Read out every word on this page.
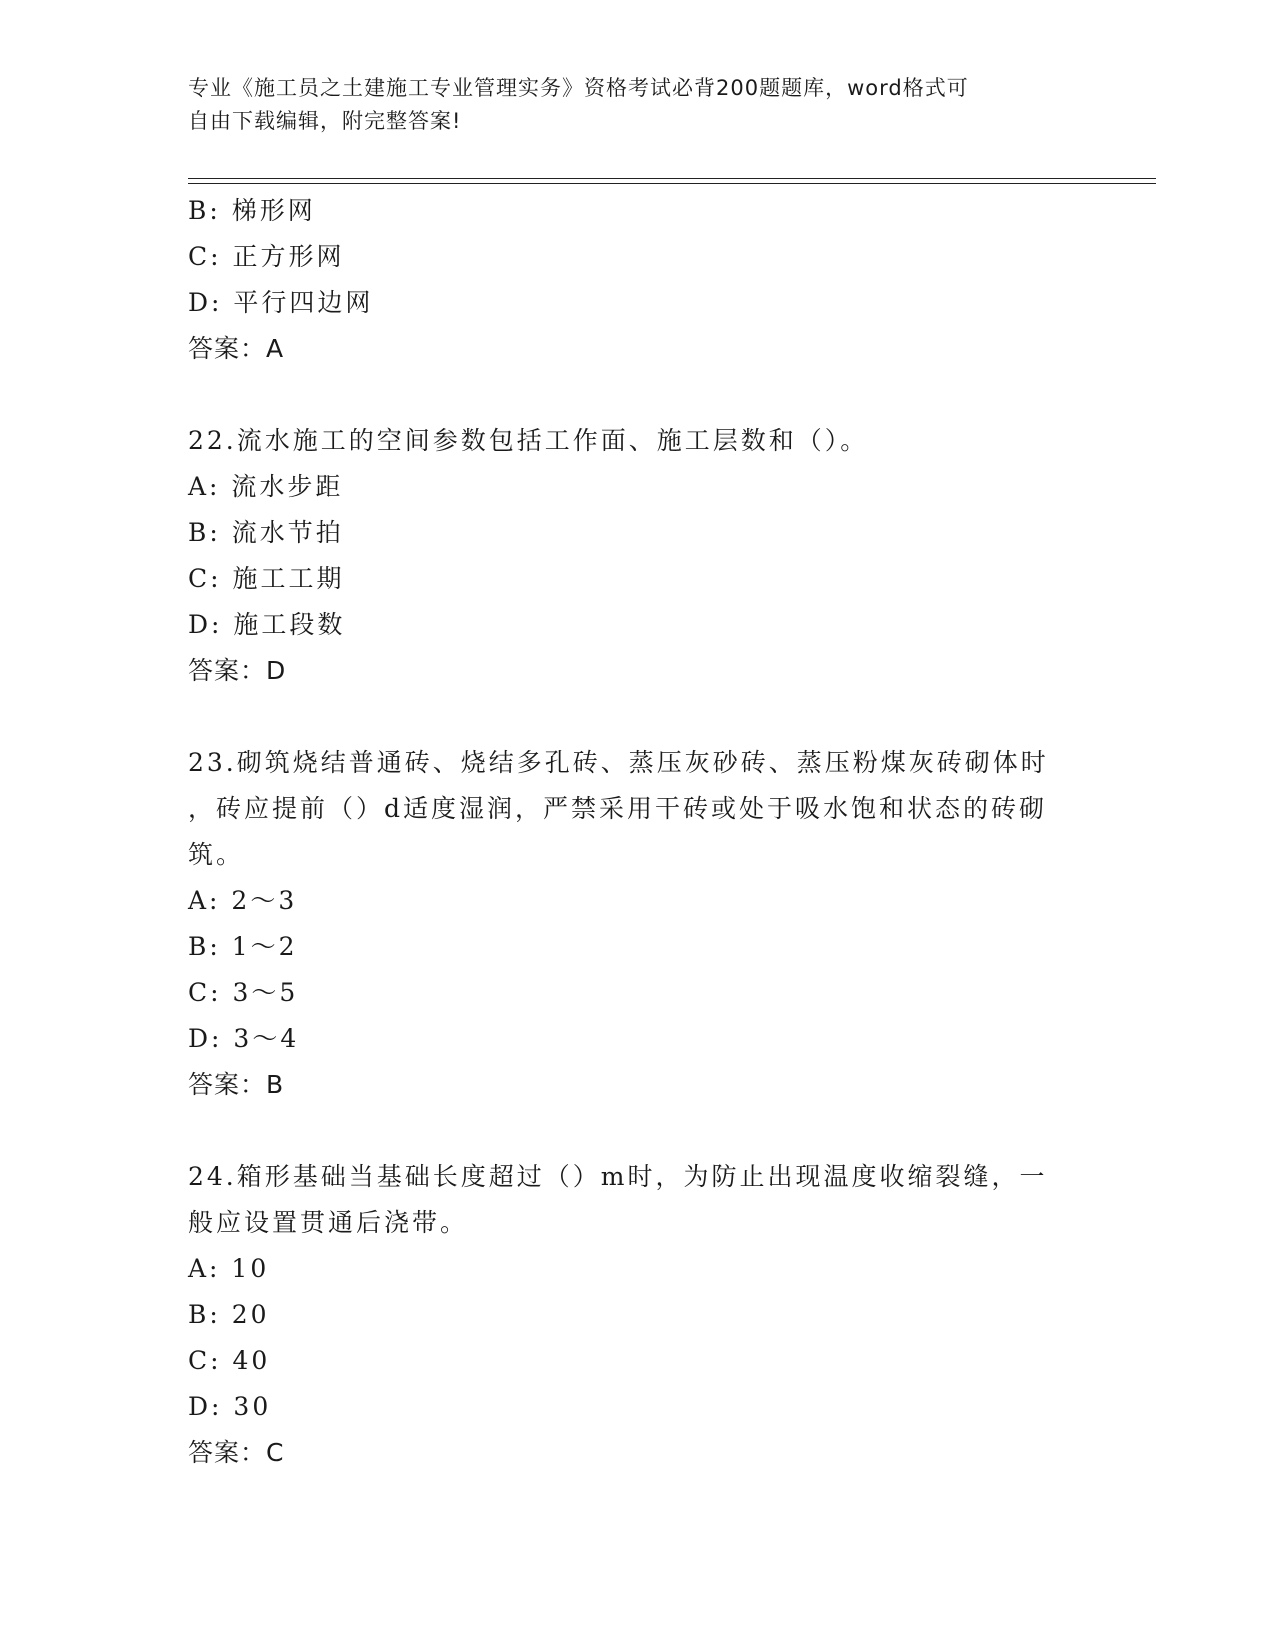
专业《施工员之土建施工专业管理实务》资格考试必背200题题库，word格式可
自由下载编辑，附完整答案!
B: 梯形网
C: 正方形网
D: 平行四边网
答案：A
22.流水施工的空间参数包括工作面、施工层数和（）。
A: 流水步距
B: 流水节拍
C: 施工工期
D: 施工段数
答案：D
23.砌筑烧结普通砖、烧结多孔砖、蒸压灰砂砖、蒸压粉煤灰砖砌体时
，砖应提前（）d适度湿润，严禁采用干砖或处于吸水饱和状态的砖砌
筑。
A: 2～3
B: 1～2
C: 3～5
D: 3～4
答案：B
24.箱形基础当基础长度超过（）m时，为防止出现温度收缩裂缝，一
般应设置贯通后浇带。
A: 10
B: 20
C: 40
D: 30
答案：C
